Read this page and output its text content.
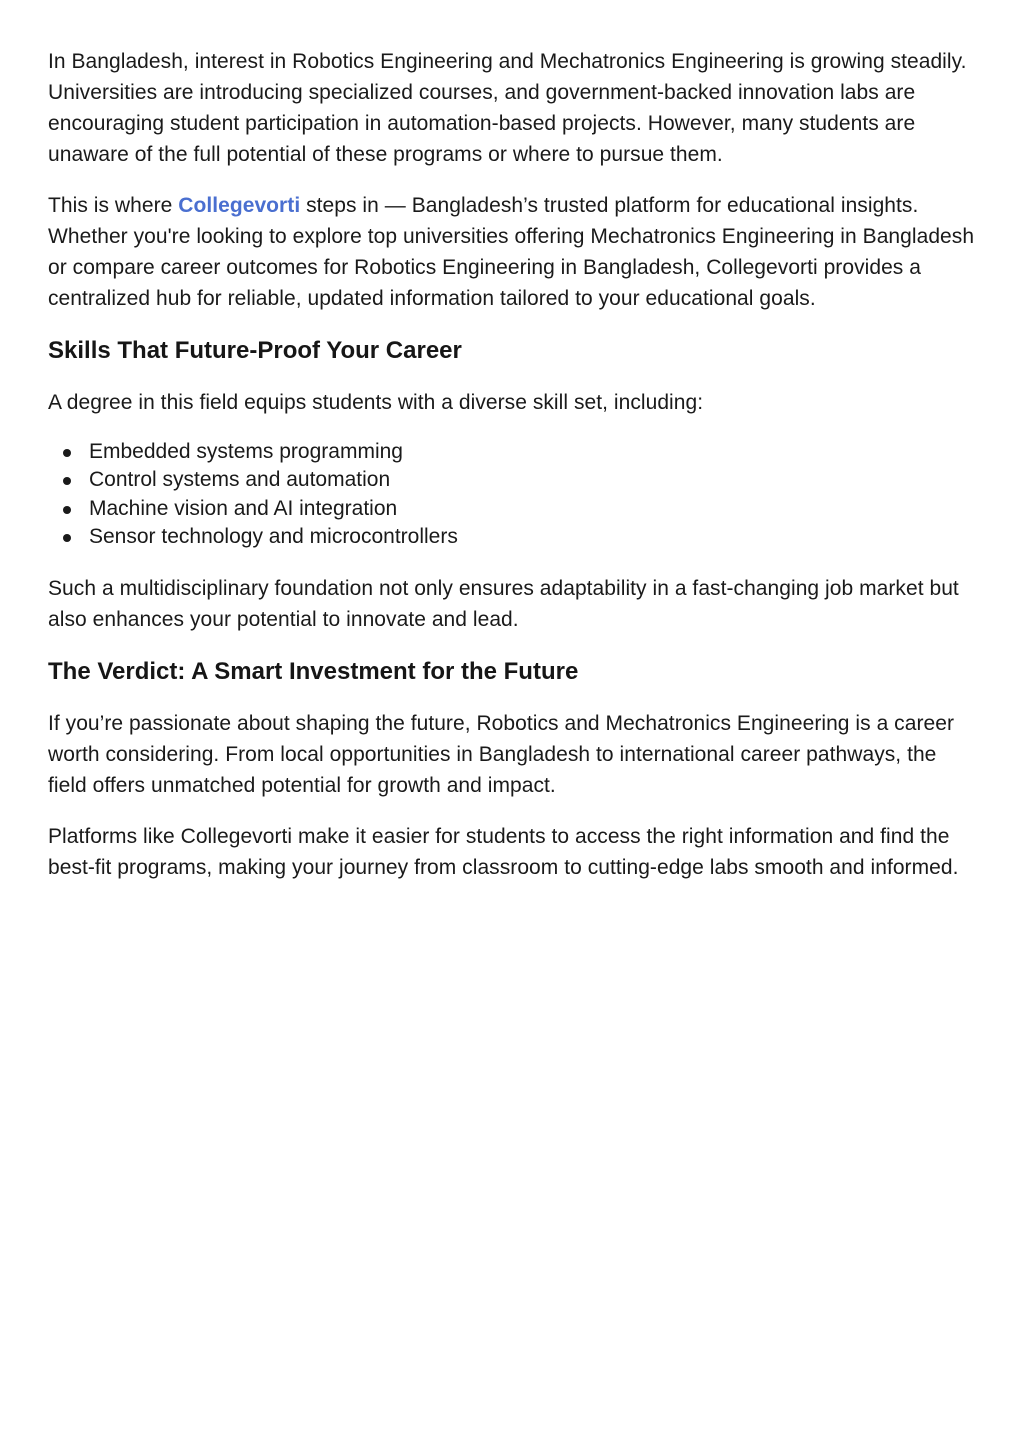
In Bangladesh, interest in Robotics Engineering and Mechatronics Engineering is growing steadily. Universities are introducing specialized courses, and government-backed innovation labs are encouraging student participation in automation-based projects. However, many students are unaware of the full potential of these programs or where to pursue them.

This is where Collegevorti steps in — Bangladesh’s trusted platform for educational insights. Whether you're looking to explore top universities offering Mechatronics Engineering in Bangladesh or compare career outcomes for Robotics Engineering in Bangladesh, Collegevorti provides a centralized hub for reliable, updated information tailored to your educational goals.

Skills That Future-Proof Your Career

A degree in this field equips students with a diverse skill set, including:

Embedded systems programming
Control systems and automation
Machine vision and AI integration
Sensor technology and microcontrollers

Such a multidisciplinary foundation not only ensures adaptability in a fast-changing job market but also enhances your potential to innovate and lead.

The Verdict: A Smart Investment for the Future

If you’re passionate about shaping the future, Robotics and Mechatronics Engineering is a career worth considering. From local opportunities in Bangladesh to international career pathways, the field offers unmatched potential for growth and impact.

Platforms like Collegevorti make it easier for students to access the right information and find the best-fit programs, making your journey from classroom to cutting-edge labs smooth and informed.
